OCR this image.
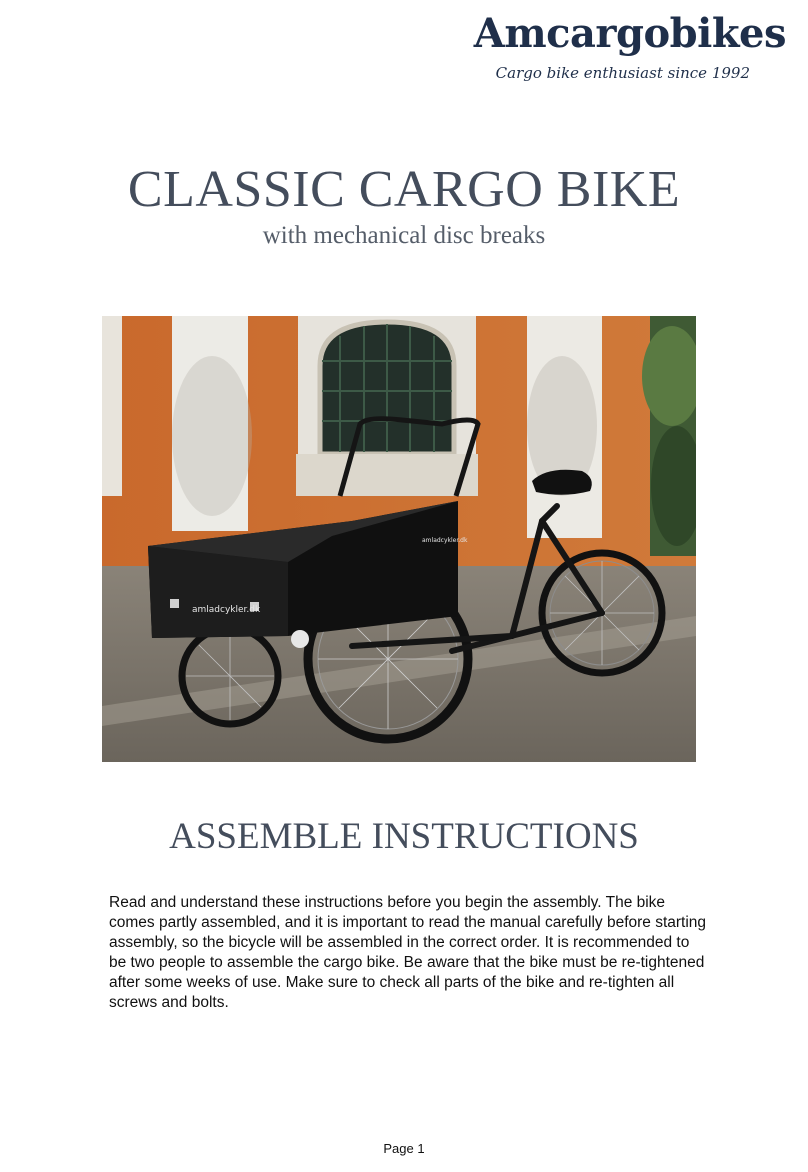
Amcargobikes
Cargo bike enthusiast since 1992
CLASSIC CARGO BIKE
with mechanical disc breaks
amladcykler.dk
amladcykler.dk
ASSEMBLE INSTRUCTIONS

Read and understand these instructions before you begin the assembly. The bike comes partly assembled, and it is important to read the manual carefully before starting assembly, so the bicycle will be assembled in the correct order. It is recommended to be two people to assemble the cargo bike. Be aware that the bike must be re-tightened after some weeks of use. Make sure to check all parts of the bike and re-tighten all screws and bolts.

Page 1
